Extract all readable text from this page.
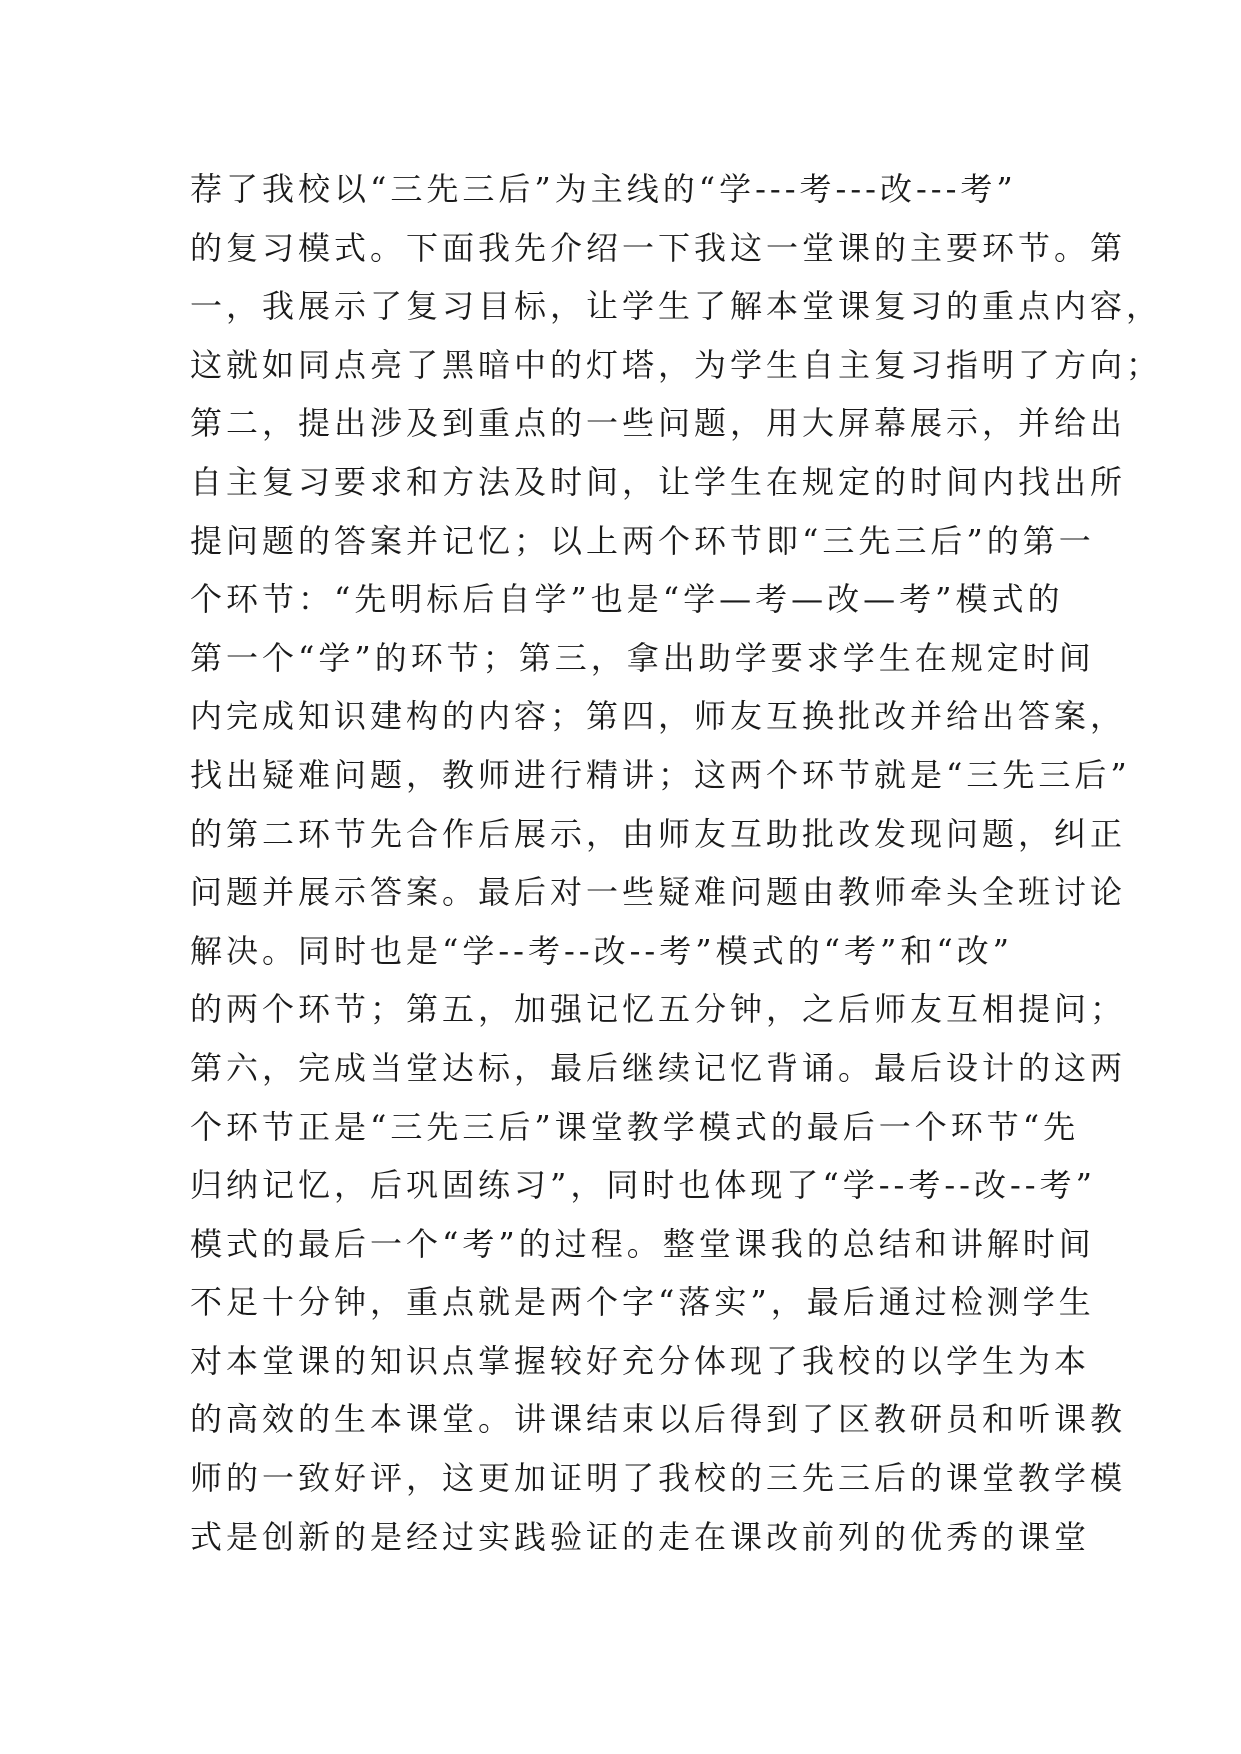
荐了我校以“三先三后”为主线的“学---考---改---考”
的复习模式。下面我先介绍一下我这一堂课的主要环节。第
一，我展示了复习目标，让学生了解本堂课复习的重点内容，
这就如同点亮了黑暗中的灯塔，为学生自主复习指明了方向；
第二，提出涉及到重点的一些问题，用大屏幕展示，并给出
自主复习要求和方法及时间，让学生在规定的时间内找出所
提问题的答案并记忆；以上两个环节即“三先三后”的第一
个环节：“先明标后自学”也是“学—考—改—考”模式的
第一个“学”的环节；第三，拿出助学要求学生在规定时间
内完成知识建构的内容；第四，师友互换批改并给出答案，
找出疑难问题，教师进行精讲；这两个环节就是“三先三后”
的第二环节先合作后展示，由师友互助批改发现问题，纠正
问题并展示答案。最后对一些疑难问题由教师牵头全班讨论
解决。同时也是“学--考--改--考”模式的“考”和“改”
的两个环节；第五，加强记忆五分钟，之后师友互相提问；
第六，完成当堂达标，最后继续记忆背诵。最后设计的这两
个环节正是“三先三后”课堂教学模式的最后一个环节“先
归纳记忆，后巩固练习”，同时也体现了“学--考--改--考”
模式的最后一个“考”的过程。整堂课我的总结和讲解时间
不足十分钟，重点就是两个字“落实”，最后通过检测学生
对本堂课的知识点掌握较好充分体现了我校的以学生为本
的高效的生本课堂。讲课结束以后得到了区教研员和听课教
师的一致好评，这更加证明了我校的三先三后的课堂教学模
式是创新的是经过实践验证的走在课改前列的优秀的课堂
